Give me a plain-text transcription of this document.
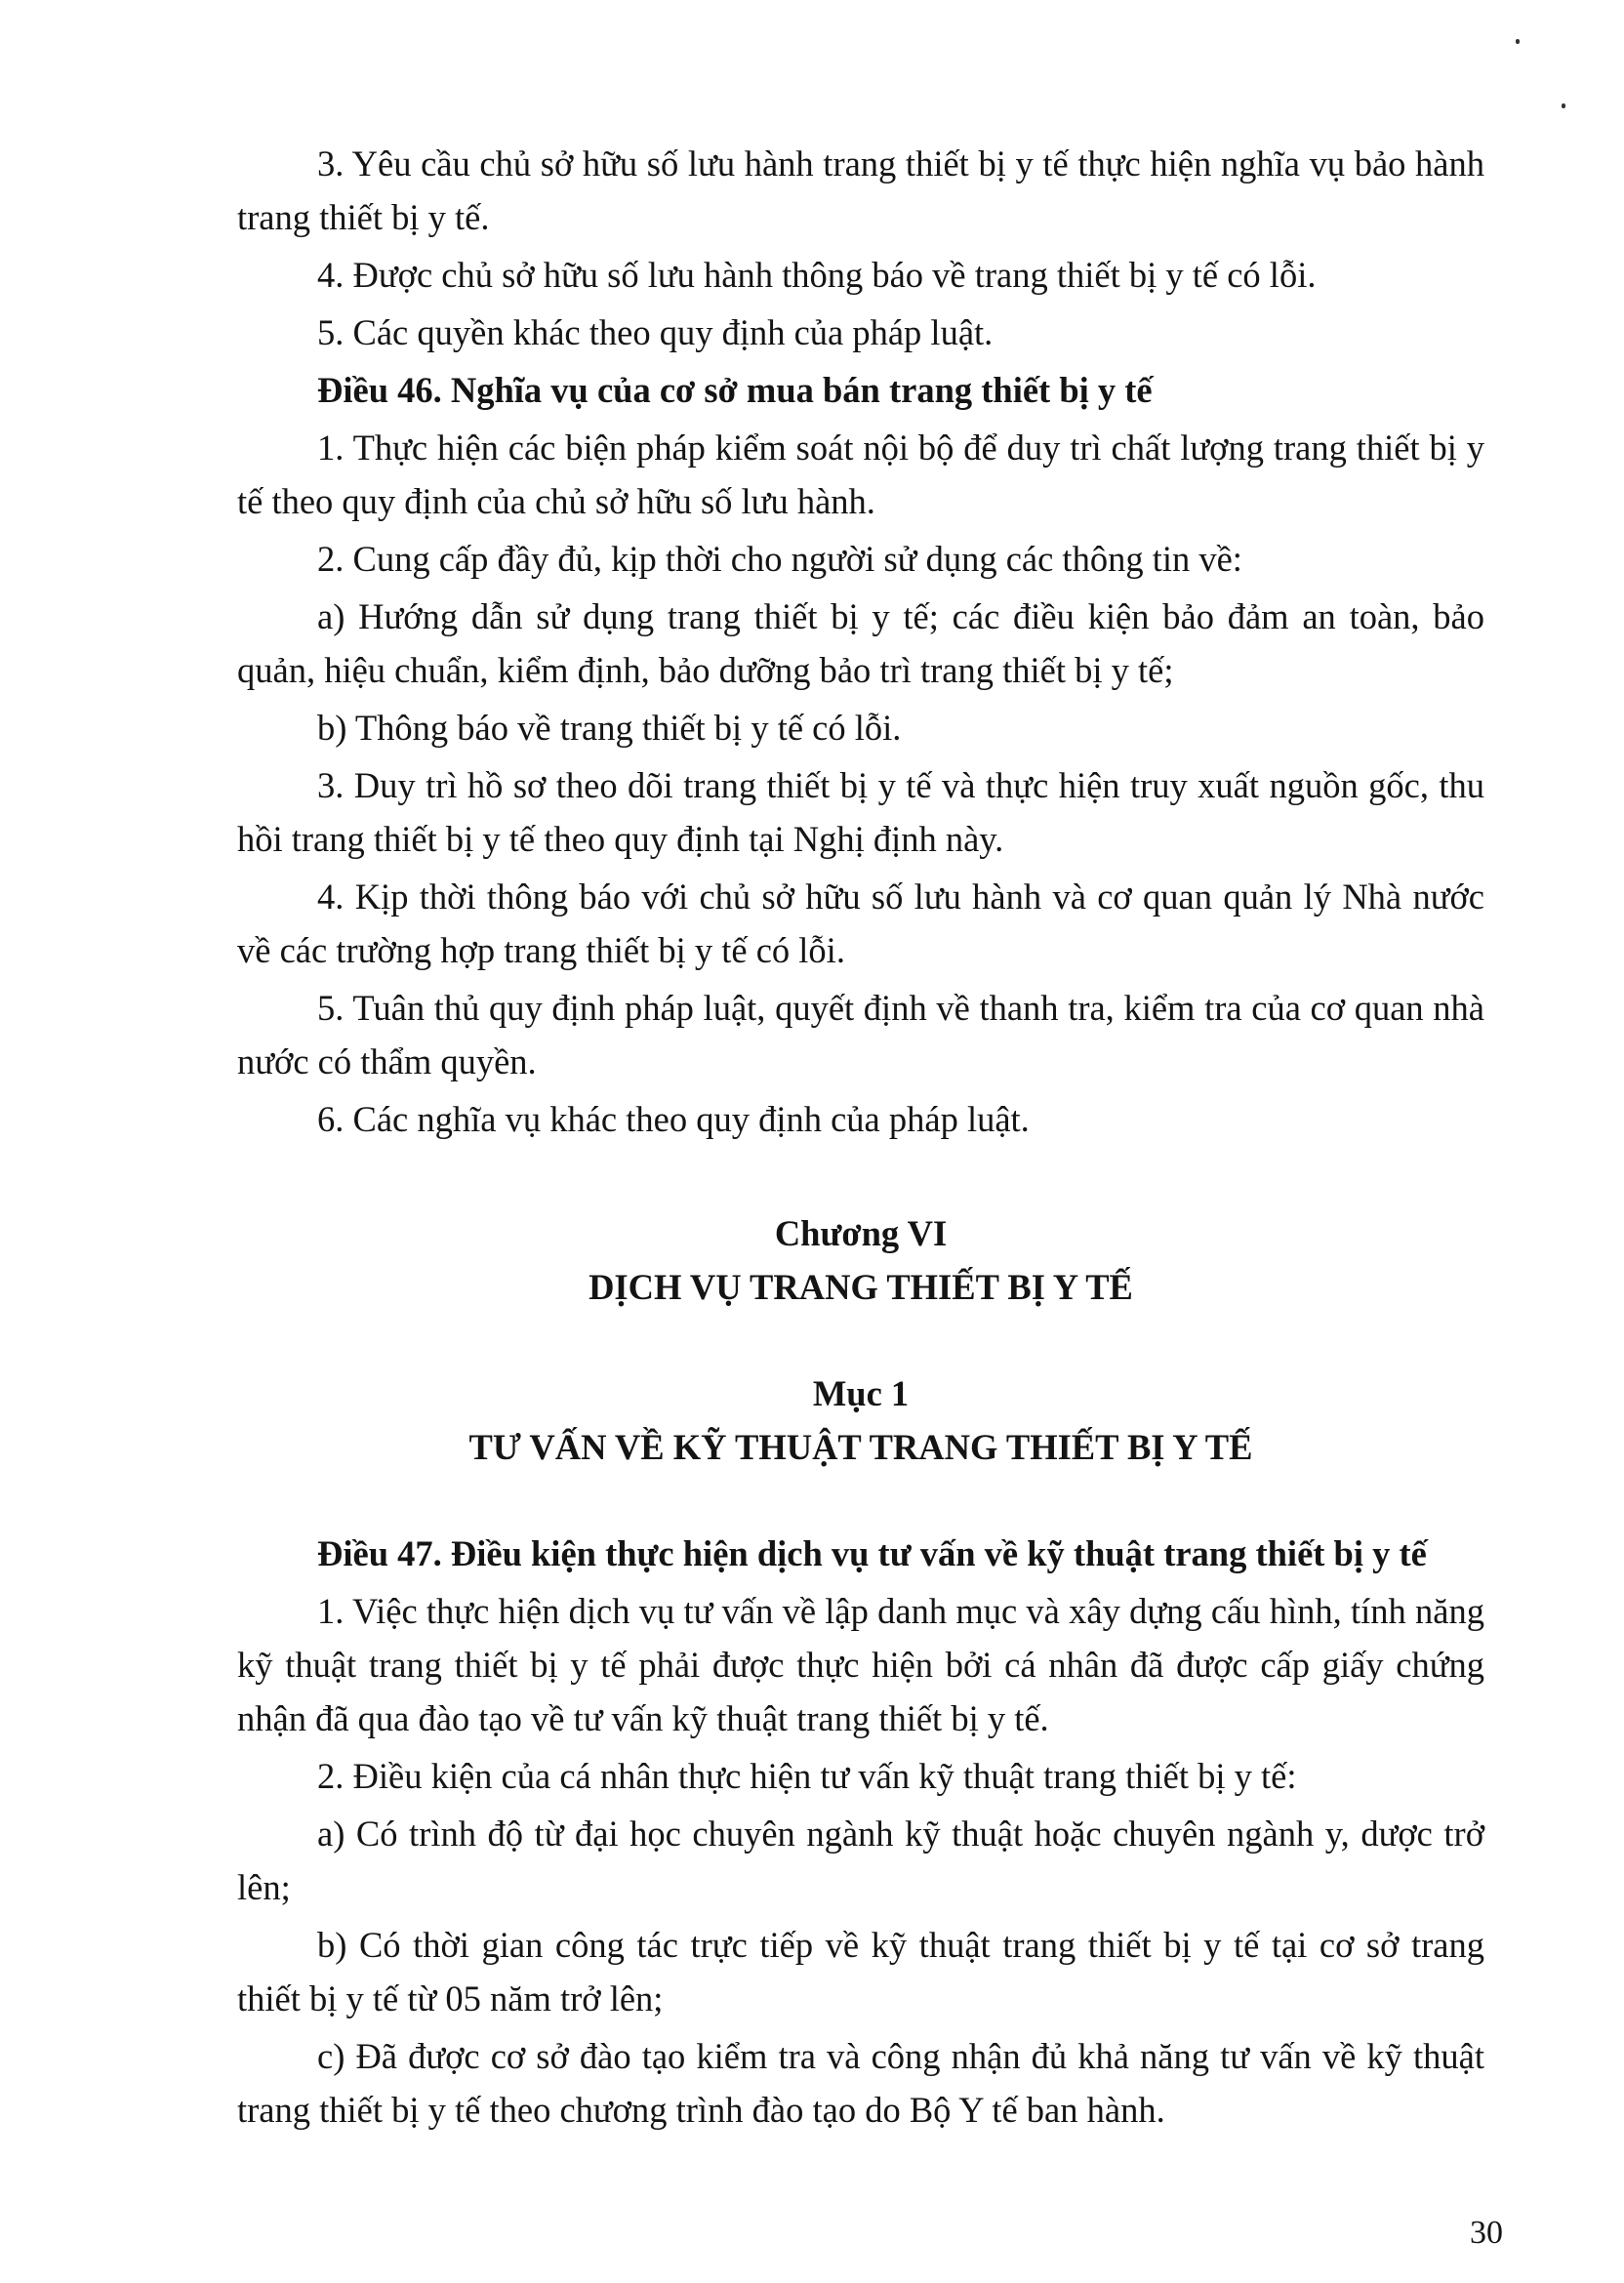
3. Yêu cầu chủ sở hữu số lưu hành trang thiết bị y tế thực hiện nghĩa vụ bảo hành trang thiết bị y tế.

4. Được chủ sở hữu số lưu hành thông báo về trang thiết bị y tế có lỗi.

5. Các quyền khác theo quy định của pháp luật.

Điều 46. Nghĩa vụ của cơ sở mua bán trang thiết bị y tế

1. Thực hiện các biện pháp kiểm soát nội bộ để duy trì chất lượng trang thiết bị y tế theo quy định của chủ sở hữu số lưu hành.

2. Cung cấp đầy đủ, kịp thời cho người sử dụng các thông tin về:

a) Hướng dẫn sử dụng trang thiết bị y tế; các điều kiện bảo đảm an toàn, bảo quản, hiệu chuẩn, kiểm định, bảo dưỡng bảo trì trang thiết bị y tế;

b) Thông báo về trang thiết bị y tế có lỗi.

3. Duy trì hồ sơ theo dõi trang thiết bị y tế và thực hiện truy xuất nguồn gốc, thu hồi trang thiết bị y tế theo quy định tại Nghị định này.

4. Kịp thời thông báo với chủ sở hữu số lưu hành và cơ quan quản lý Nhà nước về các trường hợp trang thiết bị y tế có lỗi.

5. Tuân thủ quy định pháp luật, quyết định về thanh tra, kiểm tra của cơ quan nhà nước có thẩm quyền.

6. Các nghĩa vụ khác theo quy định của pháp luật.

Chương VI
DỊCH VỤ TRANG THIẾT BỊ Y TẾ
Mục 1
TƯ VẤN VỀ KỸ THUẬT TRANG THIẾT BỊ Y TẾ

Điều 47. Điều kiện thực hiện dịch vụ tư vấn về kỹ thuật trang thiết bị y tế

1. Việc thực hiện dịch vụ tư vấn về lập danh mục và xây dựng cấu hình, tính năng kỹ thuật trang thiết bị y tế phải được thực hiện bởi cá nhân đã được cấp giấy chứng nhận đã qua đào tạo về tư vấn kỹ thuật trang thiết bị y tế.

2. Điều kiện của cá nhân thực hiện tư vấn kỹ thuật trang thiết bị y tế:

a) Có trình độ từ đại học chuyên ngành kỹ thuật hoặc chuyên ngành y, dược trở lên;

b) Có thời gian công tác trực tiếp về kỹ thuật trang thiết bị y tế tại cơ sở trang thiết bị y tế từ 05 năm trở lên;

c) Đã được cơ sở đào tạo kiểm tra và công nhận đủ khả năng tư vấn về kỹ thuật trang thiết bị y tế theo chương trình đào tạo do Bộ Y tế ban hành.

30
